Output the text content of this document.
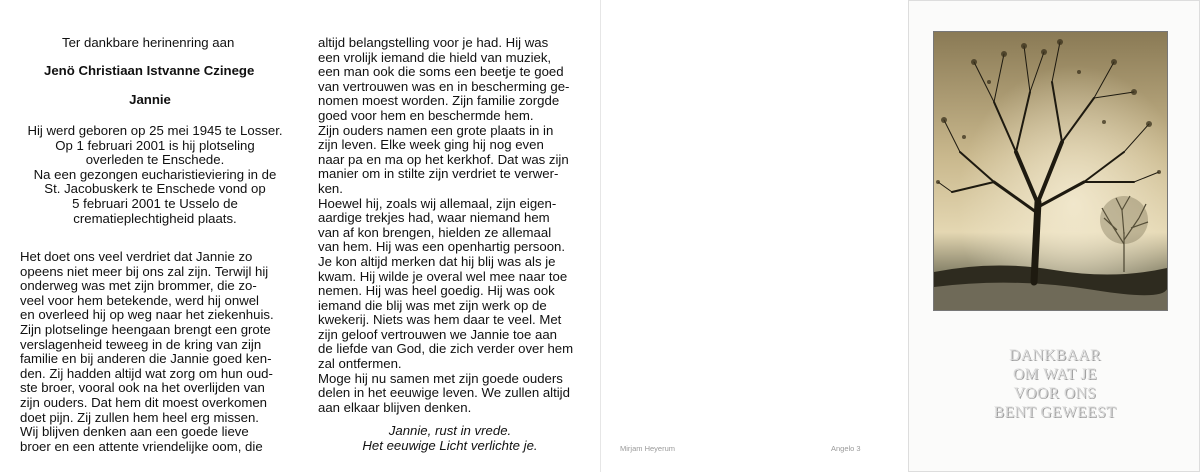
Ter dankbare herinenring aan
Jenö Christiaan Istvanne Czinege
Jannie
Hij werd geboren op 25 mei 1945 te Losser.
Op 1 februari 2001 is hij plotseling
overleden te Enschede.
Na een gezongen eucharistieviering in de
St. Jacobuskerk te Enschede vond op
5 februari 2001 te Usselo de
crematieplechtigheid plaats.
Het doet ons veel verdriet dat Jannie zo
opeens niet meer bij ons zal zijn. Terwijl hij
onderweg was met zijn brommer, die zo-
veel voor hem betekende, werd hij onwel
en overleed hij op weg naar het ziekenhuis.
Zijn plotselinge heengaan brengt een grote
verslagenheid teweeg in de kring van zijn
familie en bij anderen die Jannie goed ken-
den. Zij hadden altijd wat zorg om hun oud-
ste broer, vooral ook na het overlijden van
zijn ouders. Dat hem dit moest overkomen
doet pijn. Zij zullen hem heel erg missen.
Wij blijven denken aan een goede lieve
broer en een attente vriendelijke oom, die
altijd belangstelling voor je had. Hij was
een vrolijk iemand die hield van muziek,
een man ook die soms een beetje te goed
van vertrouwen was en in bescherming ge-
nomen moest worden. Zijn familie zorgde
goed voor hem en beschermde hem.
Zijn ouders namen een grote plaats in in
zijn leven. Elke week ging hij nog even
naar pa en ma op het kerkhof. Dat was zijn
manier om in stilte zijn verdriet te verwer-
ken.
Hoewel hij, zoals wij allemaal, zijn eigen-
aardige trekjes had, waar niemand hem
van af kon brengen, hielden ze allemaal
van hem. Hij was een openhartig persoon.
Je kon altijd merken dat hij blij was als je
kwam. Hij wilde je overal wel mee naar toe
nemen. Hij was heel goedig. Hij was ook
iemand die blij was met zijn werk op de
kwekerij. Niets was hem daar te veel. Met
zijn geloof vertrouwen we Jannie toe aan
de liefde van God, die zich verder over hem
zal ontfermen.
Moge hij nu samen met zijn goede ouders
delen in het eeuwige leven. We zullen altijd
aan elkaar blijven denken.
Jannie, rust in vrede.
Het eeuwige Licht verlichte je.	Mirjam Heyerum	Angelo 3
DANKBAAR
OM WAT JE
VOOR ONS
BENT GEWEEST
